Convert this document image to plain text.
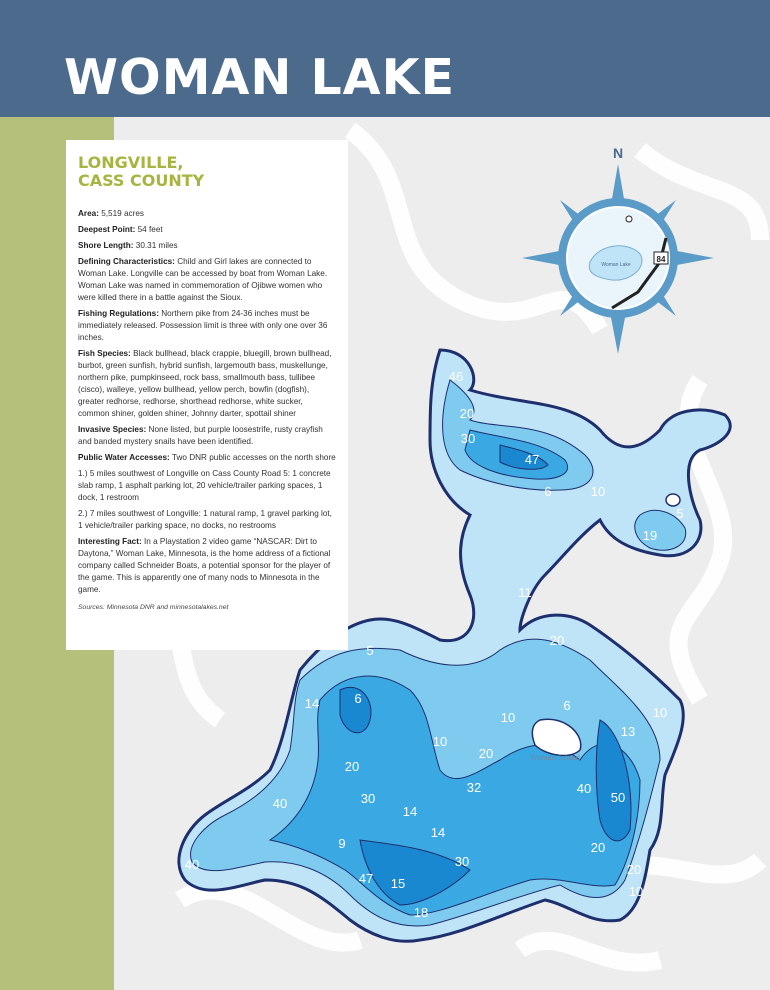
WOMAN LAKE
Woman Island
46
20
30
47
6	10
5
19
11
20
5
14	6	6
10
10
10
20
13
10
20
32
30
40	50
40
14
14
9
30
20
20
47 15
40
18
10
LONGVILLE,
CASS COUNTY

Area: 5,519 acres

Deepest Point: 54 feet

Shore Length: 30.31 miles

Defining Characteristics: Child and Girl lakes are connected to Woman Lake. Longville can be accessed by boat from Woman Lake. Woman Lake was named in commemoration of Ojibwe women who were killed there in a battle against the Sioux.

Fishing Regulations: Northern pike from 24-36 inches must be immediately released. Possession limit is three with only one over 36 inches.

Fish Species: Black bullhead, black crappie, bluegill, brown bullhead, burbot, green sunfish, hybrid sunfish, largemouth bass, muskellunge, northern pike, pumpkinseed, rock bass, smallmouth bass, tullibee (cisco), walleye, yellow bullhead, yellow perch, bowfin (dogfish), greater redhorse, redhorse, shorthead redhorse, white sucker, common shiner, golden shiner, Johnny darter, spottail shiner

Invasive Species: None listed, but purple loosestrife, rusty crayfish and banded mystery snails have been identified.

Public Water Accesses: Two DNR public accesses on the north shore

1.) 5 miles southwest of Longville on Cass County Road 5: 1 concrete slab ramp, 1 asphalt parking lot, 20 vehicle/trailer parking spaces, 1 dock, 1 restroom

2.) 7 miles southwest of Longville: 1 natural ramp, 1 gravel parking lot, 1 vehicle/trailer parking space, no docks, no restrooms

Interesting Fact: In a Playstation 2 video game “NASCAR: Dirt to Daytona,” Woman Lake, Minnesota, is the home address of a fictional company called Schneider Boats, a potential sponsor for the player of the game. This is apparently one of many nods to Minnesota in the game.

Sources: Minnesota DNR and minnesotalakes.net

N
Woman Lake
84
